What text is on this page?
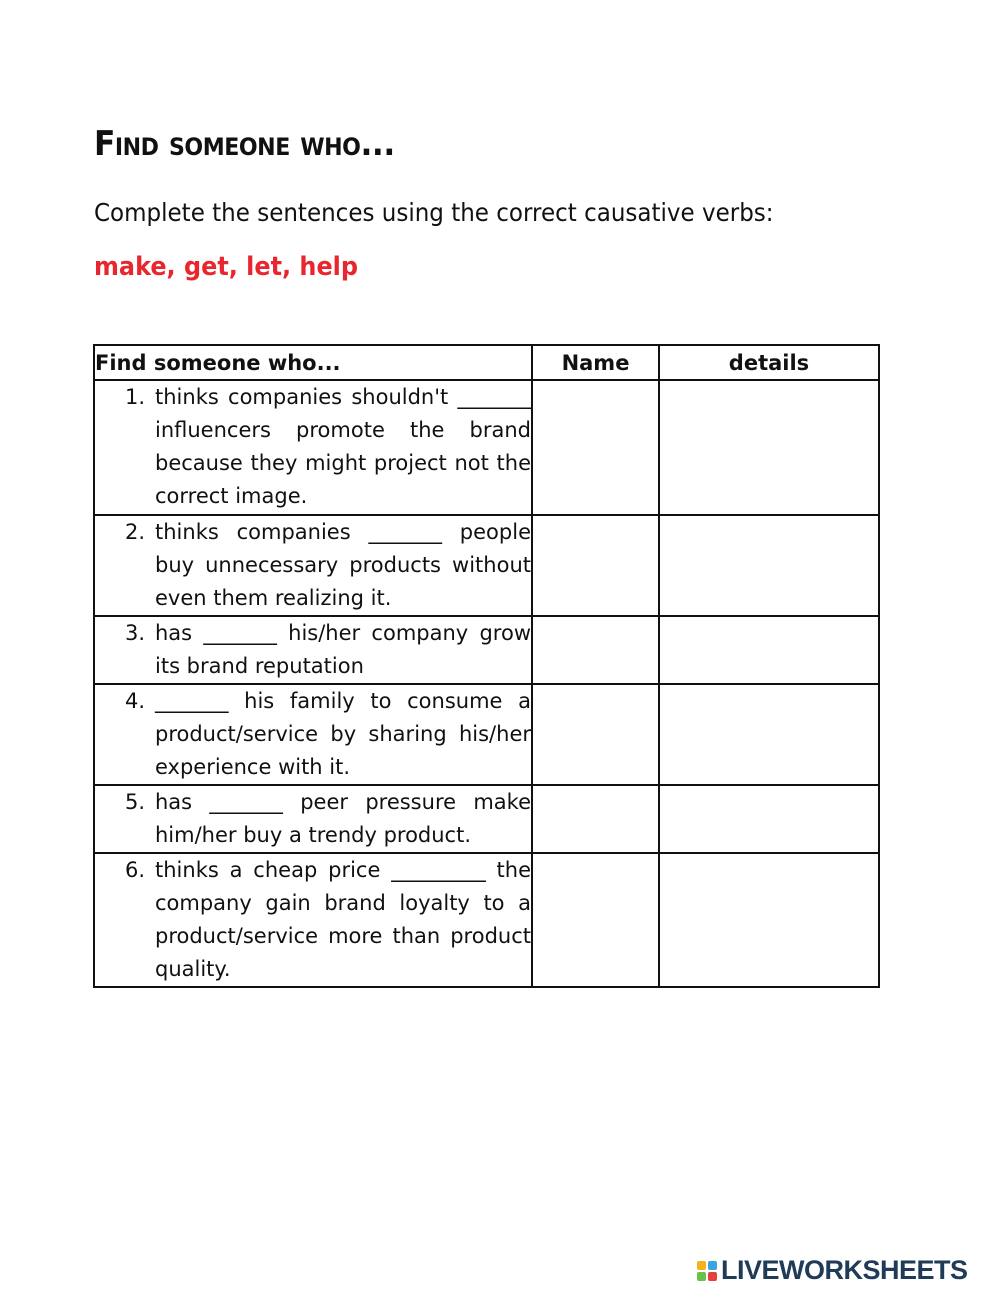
Find someone who...
Complete the sentences using the correct causative verbs:
make, get, let, help
Find someone who...	Name	details

1. thinks companies shouldn't _______ influencers promote the brand because they might project not the correct image.		

2. thinks companies _______ people buy unnecessary products without even them realizing it.		

3. has _______ his/her company grow its brand reputation		

4. _______ his family to consume a product/service by sharing his/her experience with it.		

5. has _______ peer pressure make him/her buy a trendy product.		

6. thinks a cheap price _________ the company gain brand loyalty to a product/service more than product quality.		

LIVEWORKSHEETS
